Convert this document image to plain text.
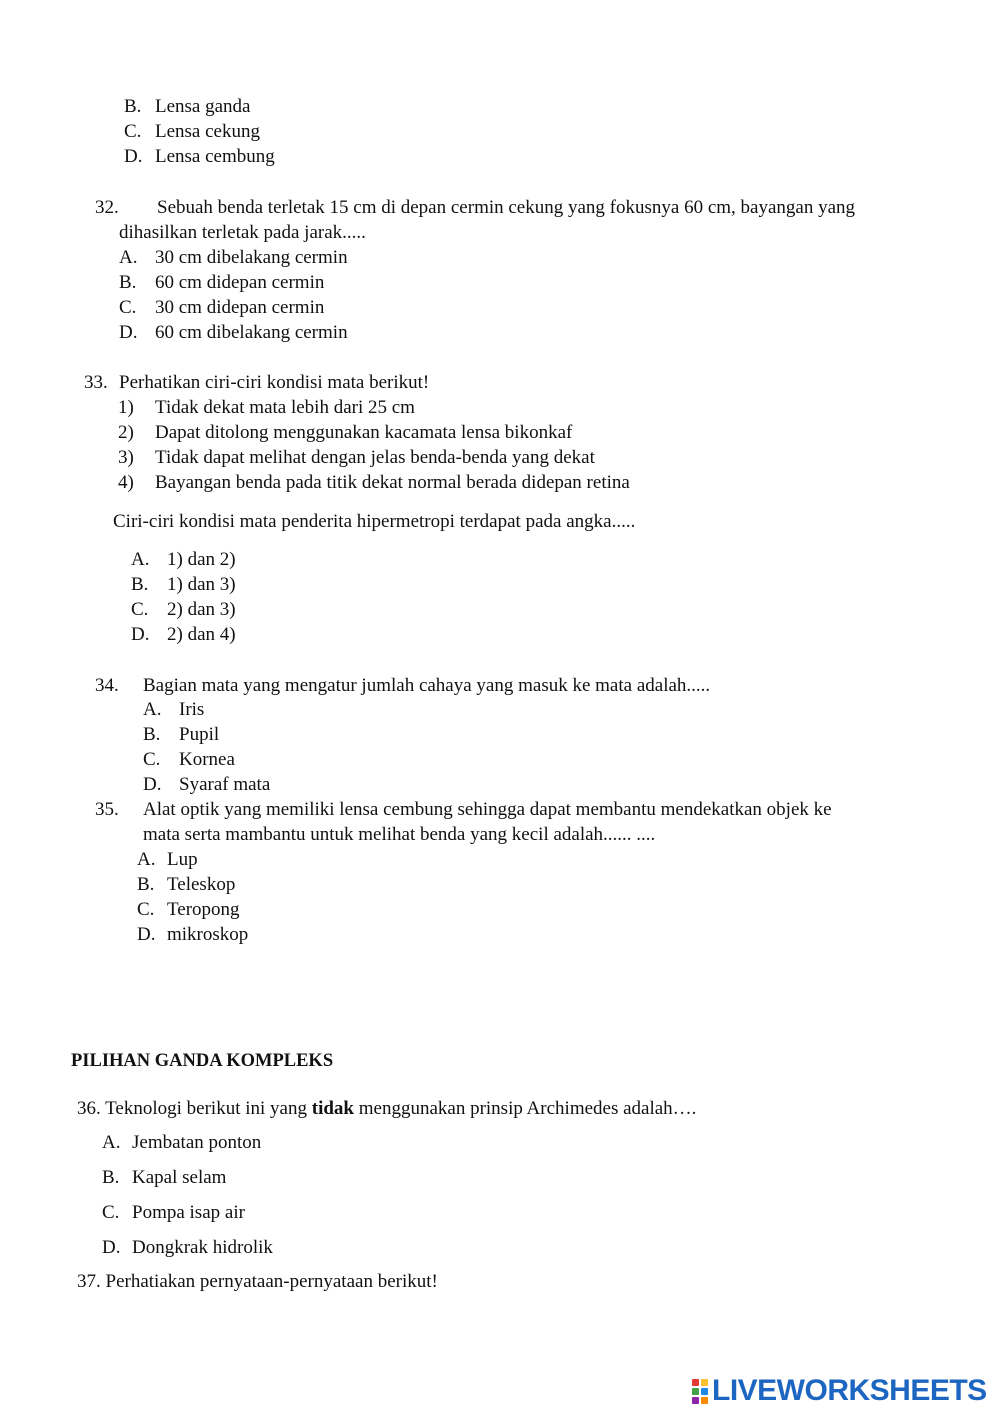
B. Lensa ganda
C. Lensa cekung
D. Lensa cembung
32. Sebuah benda terletak 15 cm di depan cermin cekung yang fokusnya 60 cm, bayangan yang
dihasilkan terletak pada jarak.....
A. 30 cm dibelakang cermin
B. 60 cm didepan cermin
C. 30 cm didepan cermin
D. 60 cm dibelakang cermin
33. Perhatikan ciri-ciri kondisi mata berikut!
1) Tidak dekat mata lebih dari 25 cm
2) Dapat ditolong menggunakan kacamata lensa bikonkaf
3) Tidak dapat melihat dengan jelas benda-benda yang dekat
4) Bayangan benda pada titik dekat normal berada didepan retina
Ciri-ciri kondisi mata penderita hipermetropi terdapat pada angka.....
A. 1) dan 2)
B. 1) dan 3)
C. 2) dan 3)
D. 2) dan 4)
34. Bagian mata yang mengatur jumlah cahaya yang masuk ke mata adalah.....
A. Iris
B. Pupil
C. Kornea
D. Syaraf mata
35. Alat optik yang memiliki lensa cembung sehingga dapat membantu mendekatkan objek ke
mata serta mambantu untuk melihat benda yang kecil adalah...... ....
A. Lup
B. Teleskop
C. Teropong
D. mikroskop
PILIHAN GANDA KOMPLEKS
36. Teknologi berikut ini yang tidak menggunakan prinsip Archimedes adalah….
A. Jembatan ponton
B. Kapal selam
C. Pompa isap air
D. Dongkrak hidrolik
37. Perhatiakan pernyataan-pernyataan berikut!
LIVEWORKSHEETS
